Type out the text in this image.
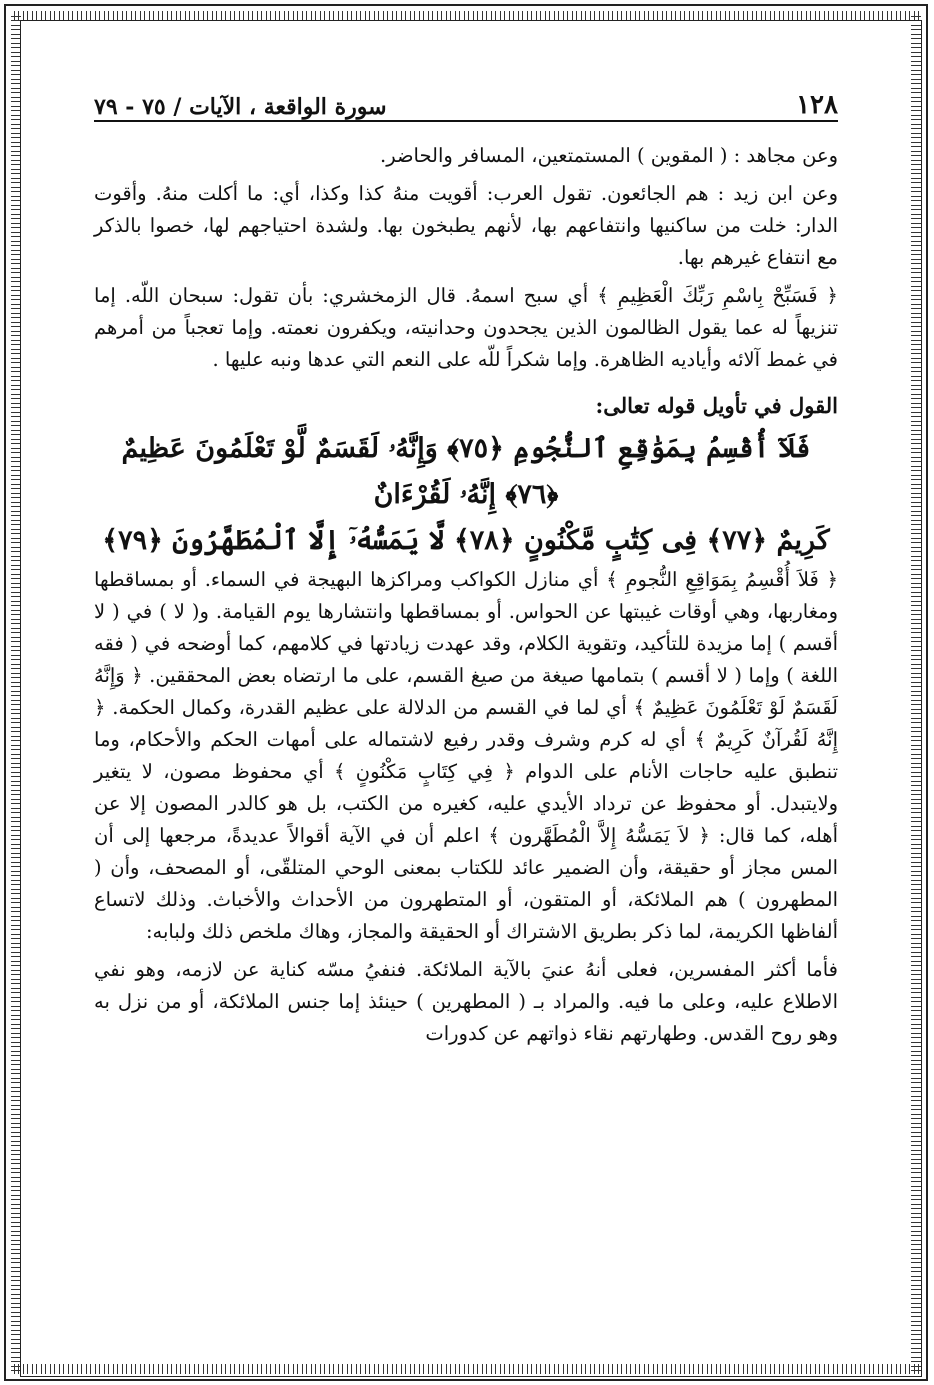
١٢٨
سورة الواقعة ، الآيات / ٧٥ - ٧٩

وعن مجاهد : ( المقوين ) المستمتعين، المسافر والحاضر.

وعن ابن زيد : هم الجائعون. تقول العرب: أقويت منهُ كذا وكذا، أي: ما أكلت منهُ. وأقوت الدار: خلت من ساكنيها وانتفاعهم بها، لأنهم يطبخون بها. ولشدة احتياجهم لها، خصوا بالذكر مع انتفاع غيرهم بها.

﴿ فَسَبِّحْ بِاسْمِ رَبِّكَ الْعَظِيمِ ﴾ أي سبح اسمهُ. قال الزمخشري: بأن تقول: سبحان اللّه. إما تنزيهاً له عما يقول الظالمون الذين يجحدون وحدانيته، ويكفرون نعمته. وإما تعجباً من أمرهم في غمط آلائه وأياديه الظاهرة. وإما شكراً للّه على النعم التي عدها ونبه عليها .

القول في تأويل قوله تعالى:
فَلَآ أُقْسِمُ بِمَوَٰقِعِ ٱلنُّجُومِ ﴿٧٥﴾ وَإِنَّهُۥ لَقَسَمٌ لَّوْ تَعْلَمُونَ عَظِيمٌ ﴿٧٦﴾ إِنَّهُۥ لَقُرْءَانٌ
كَرِيمٌ ﴿٧٧﴾ فِى كِتَٰبٍ مَّكْنُونٍ ﴿٧٨﴾ لَّا يَمَسُّهُۥٓ إِلَّا ٱلْمُطَهَّرُونَ ﴿٧٩﴾

﴿ فَلاَ أُقْسِمُ بِمَوَاقِعِ النُّجومِ ﴾ أي منازل الكواكب ومراكزها البهيجة في السماء. أو بمساقطها ومغاربها، وهي أوقات غيبتها عن الحواس. أو بمساقطها وانتشارها يوم القيامة. و( لا ) في ( لا أقسم ) إما مزيدة للتأكيد، وتقوية الكلام، وقد عهدت زيادتها في كلامهم، كما أوضحه في ( فقه اللغة ) وإما ( لا أقسم ) بتمامها صيغة من صيغ القسم، على ما ارتضاه بعض المحققين. ﴿ وَإِنَّهُ لَقَسَمٌ لَوْ تَعْلَمُونَ عَظِيمٌ ﴾ أي لما في القسم من الدلالة على عظيم القدرة، وكمال الحكمة. ﴿ إِنَّهُ لَقُرآنٌ كَرِيمٌ ﴾ أي له كرم وشرف وقدر رفيع لاشتماله على أمهات الحكم والأحكام، وما تنطبق عليه حاجات الأنام على الدوام ﴿ فِي كِتَابٍ مَكْنُونٍ ﴾ أي محفوظ مصون، لا يتغير ولايتبدل. أو محفوظ عن ترداد الأيدي عليه، كغيره من الكتب، بل هو كالدر المصون إلا عن أهله، كما قال: ﴿ لاَ يَمَسُّهُ إِلاَّ الْمُطَهَّرون ﴾ اعلم أن في الآية أقوالاً عديدةً، مرجعها إلى أن المس مجاز أو حقيقة، وأن الضمير عائد للكتاب بمعنى الوحي المتلقّى، أو المصحف، وأن ( المطهرون ) هم الملائكة، أو المتقون، أو المتطهرون من الأحداث والأخباث. وذلك لاتساع ألفاظها الكريمة، لما ذكر بطريق الاشتراك أو الحقيقة والمجاز، وهاك ملخص ذلك ولبابه:

فأما أكثر المفسرين، فعلى أنهُ عنيَ بالآية الملائكة. فنفيُ مسّه كناية عن لازمه، وهو نفي الاطلاع عليه، وعلى ما فيه. والمراد بـ ( المطهرين ) حينئذ إما جنس الملائكة، أو من نزل به وهو روح القدس. وطهارتهم نقاء ذواتهم عن كدورات
